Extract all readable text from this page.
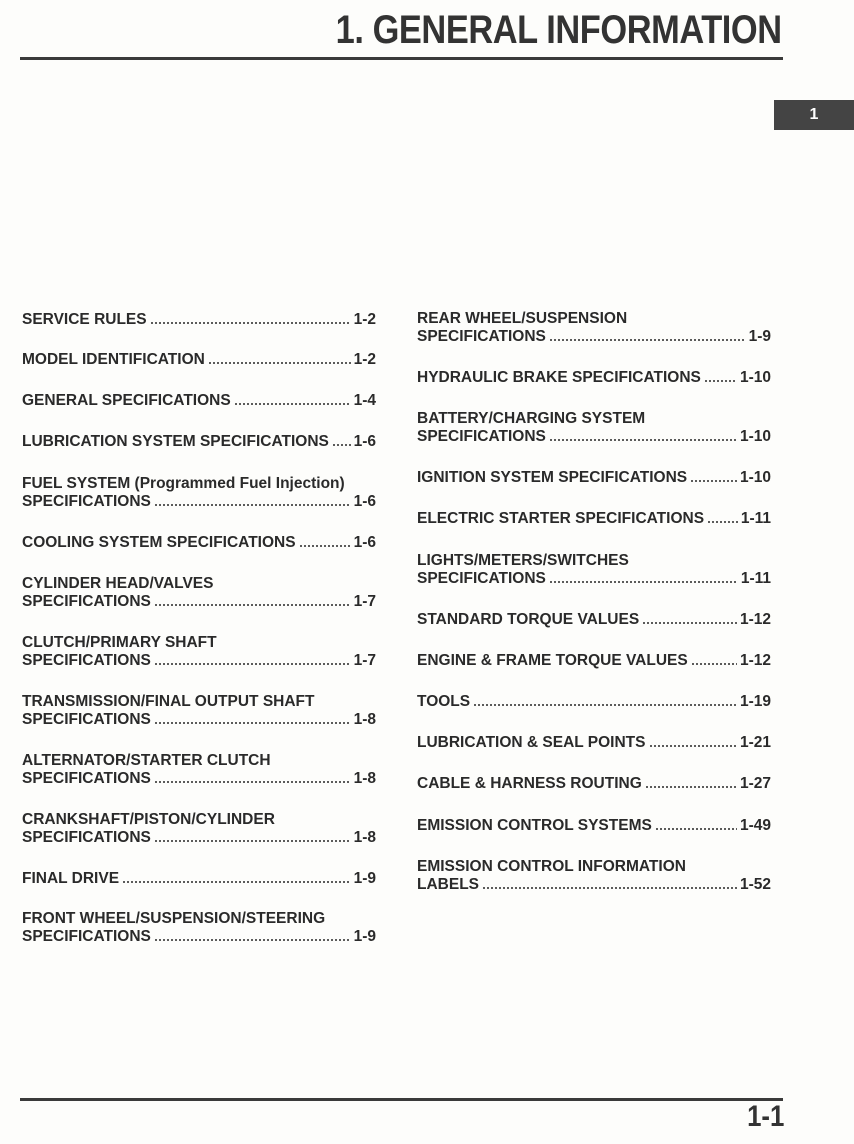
1. GENERAL INFORMATION
1
SERVICE RULES	1-2
MODEL IDENTIFICATION	1-2
GENERAL SPECIFICATIONS	1-4
LUBRICATION SYSTEM SPECIFICATIONS 1-6
FUEL SYSTEM (Programmed Fuel Injection)
SPECIFICATIONS	1-6
COOLING SYSTEM SPECIFICATIONS	1-6
CYLINDER HEAD/VALVES
SPECIFICATIONS	1-7
CLUTCH/PRIMARY SHAFT
SPECIFICATIONS	1-7
TRANSMISSION/FINAL OUTPUT SHAFT
SPECIFICATIONS	1-8
ALTERNATOR/STARTER CLUTCH
SPECIFICATIONS	1-8
CRANKSHAFT/PISTON/CYLINDER
SPECIFICATIONS	1-8
FINAL DRIVE	1-9
FRONT WHEEL/SUSPENSION/STEERING
SPECIFICATIONS	1-9
REAR WHEEL/SUSPENSION
SPECIFICATIONS	1-9
HYDRAULIC BRAKE SPECIFICATIONS	1-10
BATTERY/CHARGING SYSTEM
SPECIFICATIONS	1-10
IGNITION SYSTEM SPECIFICATIONS	1-10
ELECTRIC STARTER SPECIFICATIONS 1-11
LIGHTS/METERS/SWITCHES
SPECIFICATIONS	1-11
STANDARD TORQUE VALUES	1-12
ENGINE & FRAME TORQUE VALUES	1-12
TOOLS	1-19
LUBRICATION & SEAL POINTS	1-21
CABLE & HARNESS ROUTING	1-27
EMISSION CONTROL SYSTEMS	1-49
EMISSION CONTROL INFORMATION
LABELS	1-52
1-1
